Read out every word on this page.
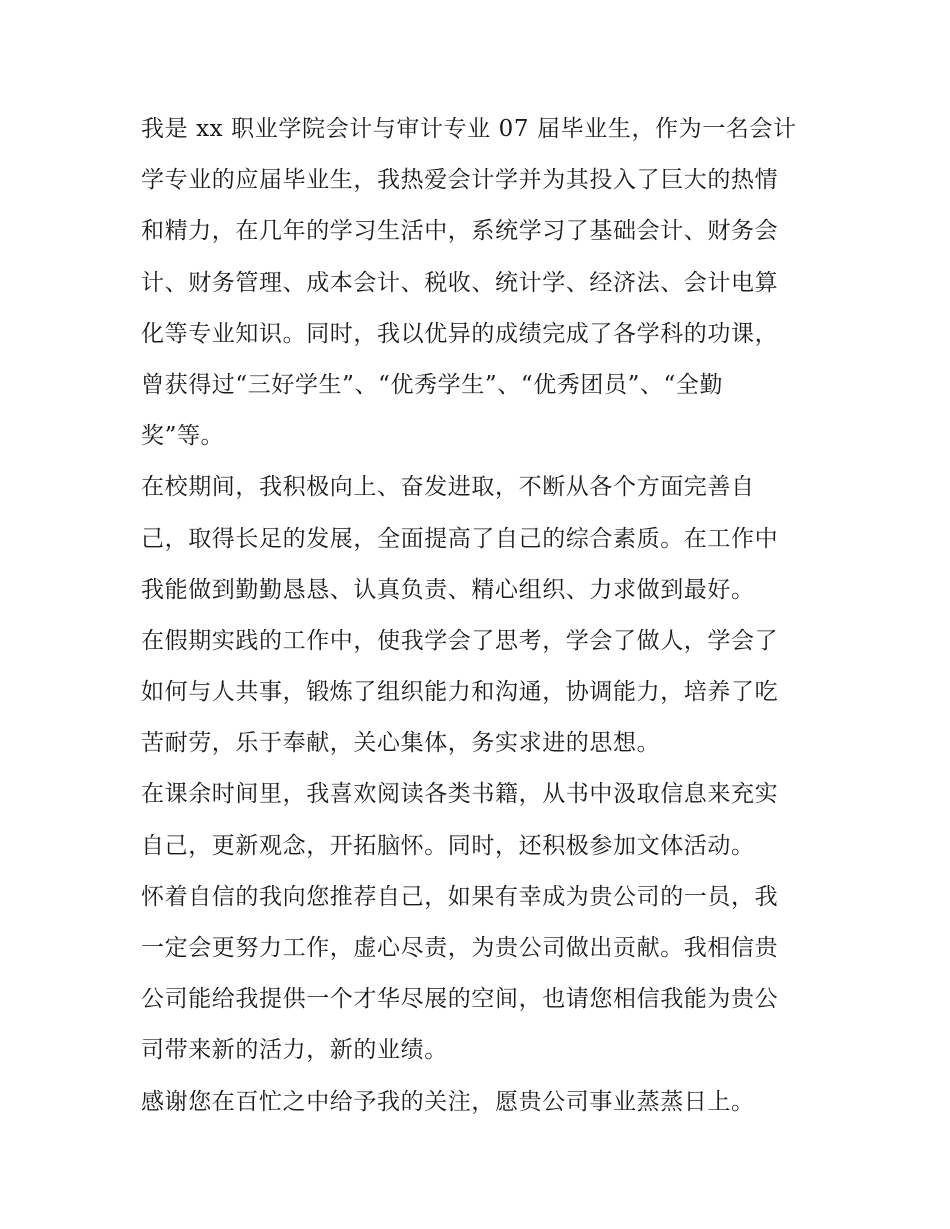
我是 xx 职业学院会计与审计专业 07 届毕业生，作为一名会计
学专业的应届毕业生，我热爱会计学并为其投入了巨大的热情
和精力，在几年的学习生活中，系统学习了基础会计、财务会
计、财务管理、成本会计、税收、统计学、经济法、会计电算
化等专业知识。同时，我以优异的成绩完成了各学科的功课，
曾获得过“三好学生”、“优秀学生”、“优秀团员”、“全勤
奖”等。
在校期间，我积极向上、奋发进取，不断从各个方面完善自
己，取得长足的发展，全面提高了自己的综合素质。在工作中
我能做到勤勤恳恳、认真负责、精心组织、力求做到最好。
在假期实践的工作中，使我学会了思考，学会了做人，学会了
如何与人共事，锻炼了组织能力和沟通，协调能力，培养了吃
苦耐劳，乐于奉献，关心集体，务实求进的思想。
在课余时间里，我喜欢阅读各类书籍，从书中汲取信息来充实
自己，更新观念，开拓脑怀。同时，还积极参加文体活动。
怀着自信的我向您推荐自己，如果有幸成为贵公司的一员，我
一定会更努力工作，虚心尽责，为贵公司做出贡献。我相信贵
公司能给我提供一个才华尽展的空间，也请您相信我能为贵公
司带来新的活力，新的业绩。
感谢您在百忙之中给予我的关注，愿贵公司事业蒸蒸日上。
